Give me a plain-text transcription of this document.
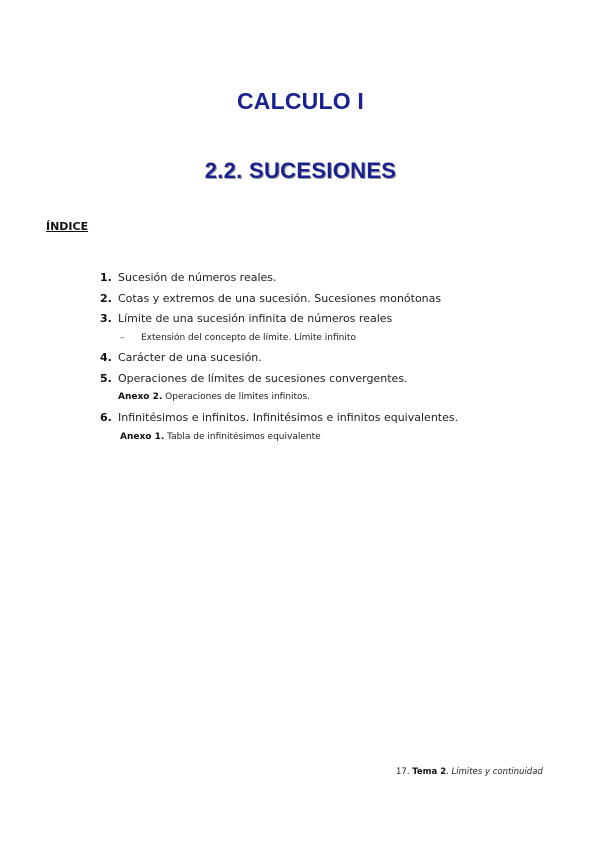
CALCULO I
2.2. SUCESIONES
ÍNDICE
1. Sucesión de números reales.
2. Cotas y extremos de una sucesión. Sucesiones monótonas
3. Límite de una sucesión infinita de números reales
– Extensión del concepto de límite. Límite infinito
4. Carácter de una sucesión.
5. Operaciones de límites de sucesiones convergentes.
Anexo 2. Operaciones de límites infinitos.
6. Infinitésimos e infinitos. Infinitésimos e infinitos equivalentes.
Anexo 1. Tabla de infinitésimos equivalente
17. Tema 2. Límites y continuidad
